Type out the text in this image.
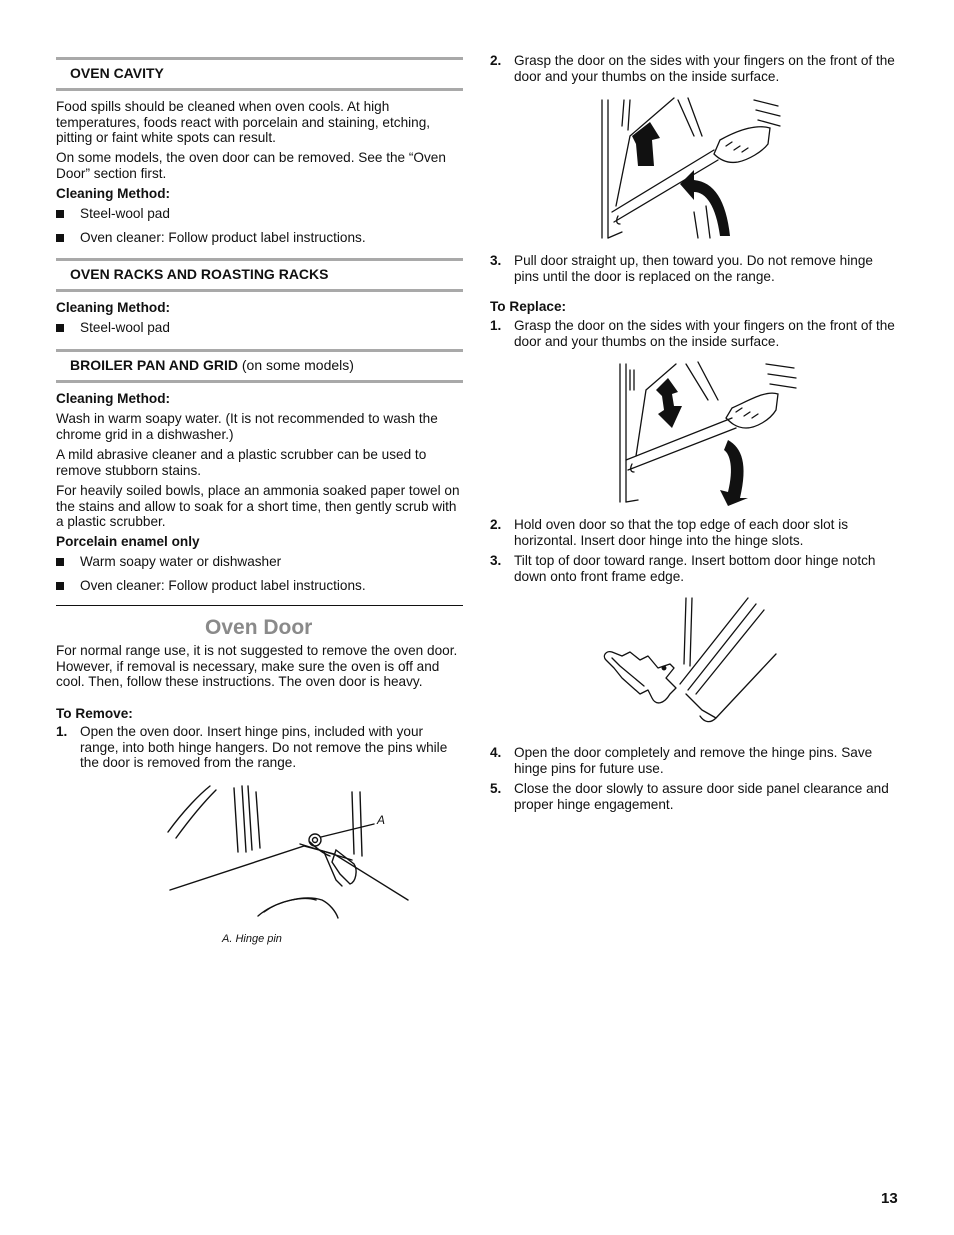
OVEN CAVITY

Food spills should be cleaned when oven cools. At high temperatures, foods react with porcelain and staining, etching, pitting or faint white spots can result.

On some models, the oven door can be removed. See the “Oven Door” section first.

Cleaning Method:

Steel-wool pad
Oven cleaner: Follow product label instructions.
OVEN RACKS AND ROASTING RACKS

Cleaning Method:

Steel-wool pad
BROILER PAN AND GRID (on some models)

Cleaning Method:

Wash in warm soapy water. (It is not recommended to wash the chrome grid in a dishwasher.)

A mild abrasive cleaner and a plastic scrubber can be used to remove stubborn stains.

For heavily soiled bowls, place an ammonia soaked paper towel on the stains and allow to soak for a short time, then gently scrub with a plastic scrubber.

Porcelain enamel only

Warm soapy water or dishwasher
Oven cleaner: Follow product label instructions.
Oven Door

For normal range use, it is not suggested to remove the oven door. However, if removal is necessary, make sure the oven is off and cool. Then, follow these instructions. The oven door is heavy.

To Remove:

1. Open the oven door. Insert hinge pins, included with your range, into both hinge hangers. Do not remove the pins while the door is removed from the range.
A
A. Hinge pin
2. Grasp the door on the sides with your fingers on the front of the door and your thumbs on the inside surface.
3. Pull door straight up, then toward you. Do not remove hinge pins until the door is replaced on the range.

To Replace:

1. Grasp the door on the sides with your fingers on the front of the door and your thumbs on the inside surface.
2. Hold oven door so that the top edge of each door slot is horizontal. Insert door hinge into the hinge slots.
3. Tilt top of door toward range. Insert bottom door hinge notch down onto front frame edge.
4. Open the door completely and remove the hinge pins. Save hinge pins for future use.
5. Close the door slowly to assure door side panel clearance and proper hinge engagement.
13
